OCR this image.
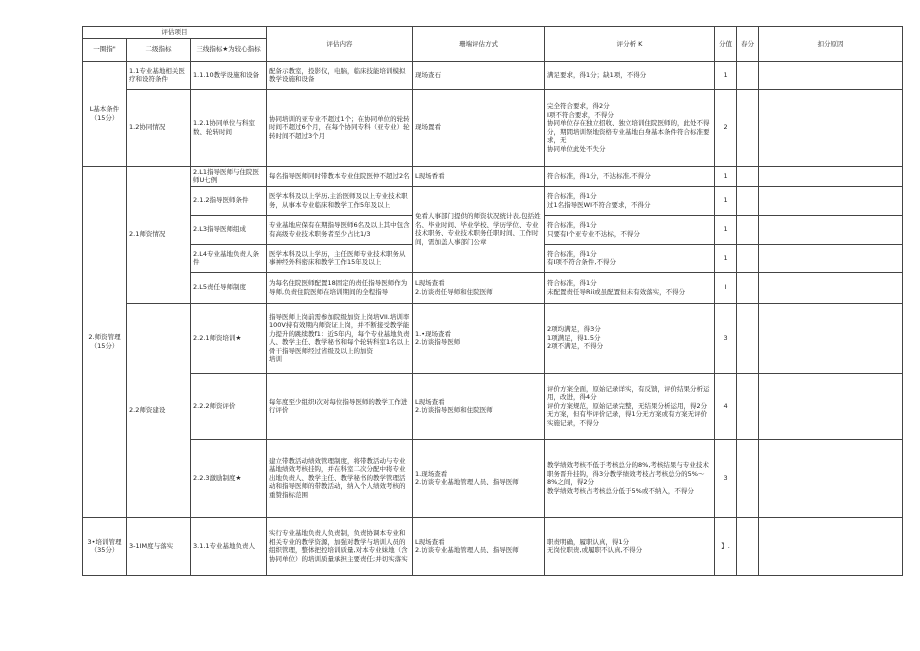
评估项目			评估内容	珊端评估方式	评分析 K	分值	春分	扣分原因
一圈指"	二级指标	三线指标★为较心指标						
L基本条件（15分）	1.1专业基地相关医疗和设符条件	1.1.10教学设施和设备	配备示教室，投影仪，电脑，临床技能培训模拟教学设施和设备	现场查石	满足要求，得1分；缺1项，不得分	1		
	1.2协同情况	1.2.1协同单位与科室数、轮转时间	协同培训的亚专业不超过1个；在协同单位的轮转时间不超过6个月，在每个协同专科（亚专业）轮转时间不超过3个月	现场置看	完全符合要求，得2分
I项不符合要求，不得分
协同单位存在独立招收、独立培训住院医师的，此处不得分，期間培训祭地资格专业基地白身基本条件符合标准要求，无
协同单位此处不失分	2		
2.师资管理（15分）	2.1师资情况	2.L1指导医师与住院医师U七例	每名指导医师同时带教本专业住院医仲不超过2名	L现场香看	符合标准，得1分，不达标准,不得分	1		
		2.1.2指导医师条件	医学本科及以上学历,主治医师及以上专业技术职务，从事本专业临床和教学工作5年及以上	免看人事部门提供的师资状况统计表,包括姓名、毕业时间、毕业学校、学历学位、专业技术职务、专业技术职务任职时间、工作时间，需加盖人事部门公章	符合标准，得1分
过1名指导医WI不符合要求，不得分	1		
		2.L3指导医师组成	专业基地应保有在期指导医师6名及以上其中包含有高级专业技术职务者至少占比1/3		符合标准，得1分
只要有I个亚专业不达标，不得分	1		
		2.L4专业基地负责人条件	医学本科及以上学历，主任医师专业技术职务从事神经外科密床和教学工作15年及以上		符合标准，得1分
有I项不符合条件,不得分	1		
		2.L5责任导师制度	为每名住院医师配置18固定的责任指导医师作为导师,负责住院医师在培训期间的全程指导	L现场查看
2.访谈责任导师和住院医师	符合标准，得1分
未配置责任导Rii或虽配置但未有效落实，不得分	I		
	2.2师资建设	2.2.1师资培训★	指导医师上岗前需参加院级加资上岗培VII.培训率100V持有效期内师资证上岗，并不断接受教学能力提升的跳续教f1：近5年内，每个专业基地负责人、教学主任、教学秘书和每个轮转科室1名以上骨干指导医师经过省级及以上的加资
培训	1.•现场查看
2.访谈指导医师	2项均满足，得3分
1项满足，得1.5分
2项不满足，不得分	3		
		2.2.2师资评价	每年度至少组织I次对每位指导医师的教学工作进行评价	L现场查看
2.访谈指导医师和住院医师	评价方案全面，原始记录详实，有反馈，评价结果分析运用，改进，得4分
评价方案规范，原始记录完整，无结果分析运用，得2分
无方案，但有毕评价记录，得1分无方案或有方案无评价实施记录，不得分	4		
		2.2.3激励制度★	建立带教活动绩效管理制度，将带教活动与专业基地绩效考核挂钩，并在科室二次分配中将专业出地负责人、教学主任、教学秘书的教学管理活动和指导医师的带教活动，纳入个人绩效考核的重赞指标范围	1.现场查看
2.访谈专业基地管理人员、指导医师	教学绩效考核不低于考核总分的8%,考核结果与专业技术职务晋升挂钩，得3分教学绩效考枝占考核总分的5%～8%之间，得2分
教学绩效考核占考核总分低于5%或不纳入，不得分	3		
3•培训管理（35分）	3-1IM度与落实	3.1.1专业基地负责人	实行专业基地负责人负责制，负责协调本专业和相关专业的教学资源，加强对教学与培训人员的组织管理，整体把控培训质量,对本专业妹地（含协同单位）的培训质量承担主要责任;并切实落实	L现场查看
2.访谈专业基地管理人员、指导医师	职责明确，履职认真，得1分
无岗位职贵,或履职不认真,不得分	】.		
